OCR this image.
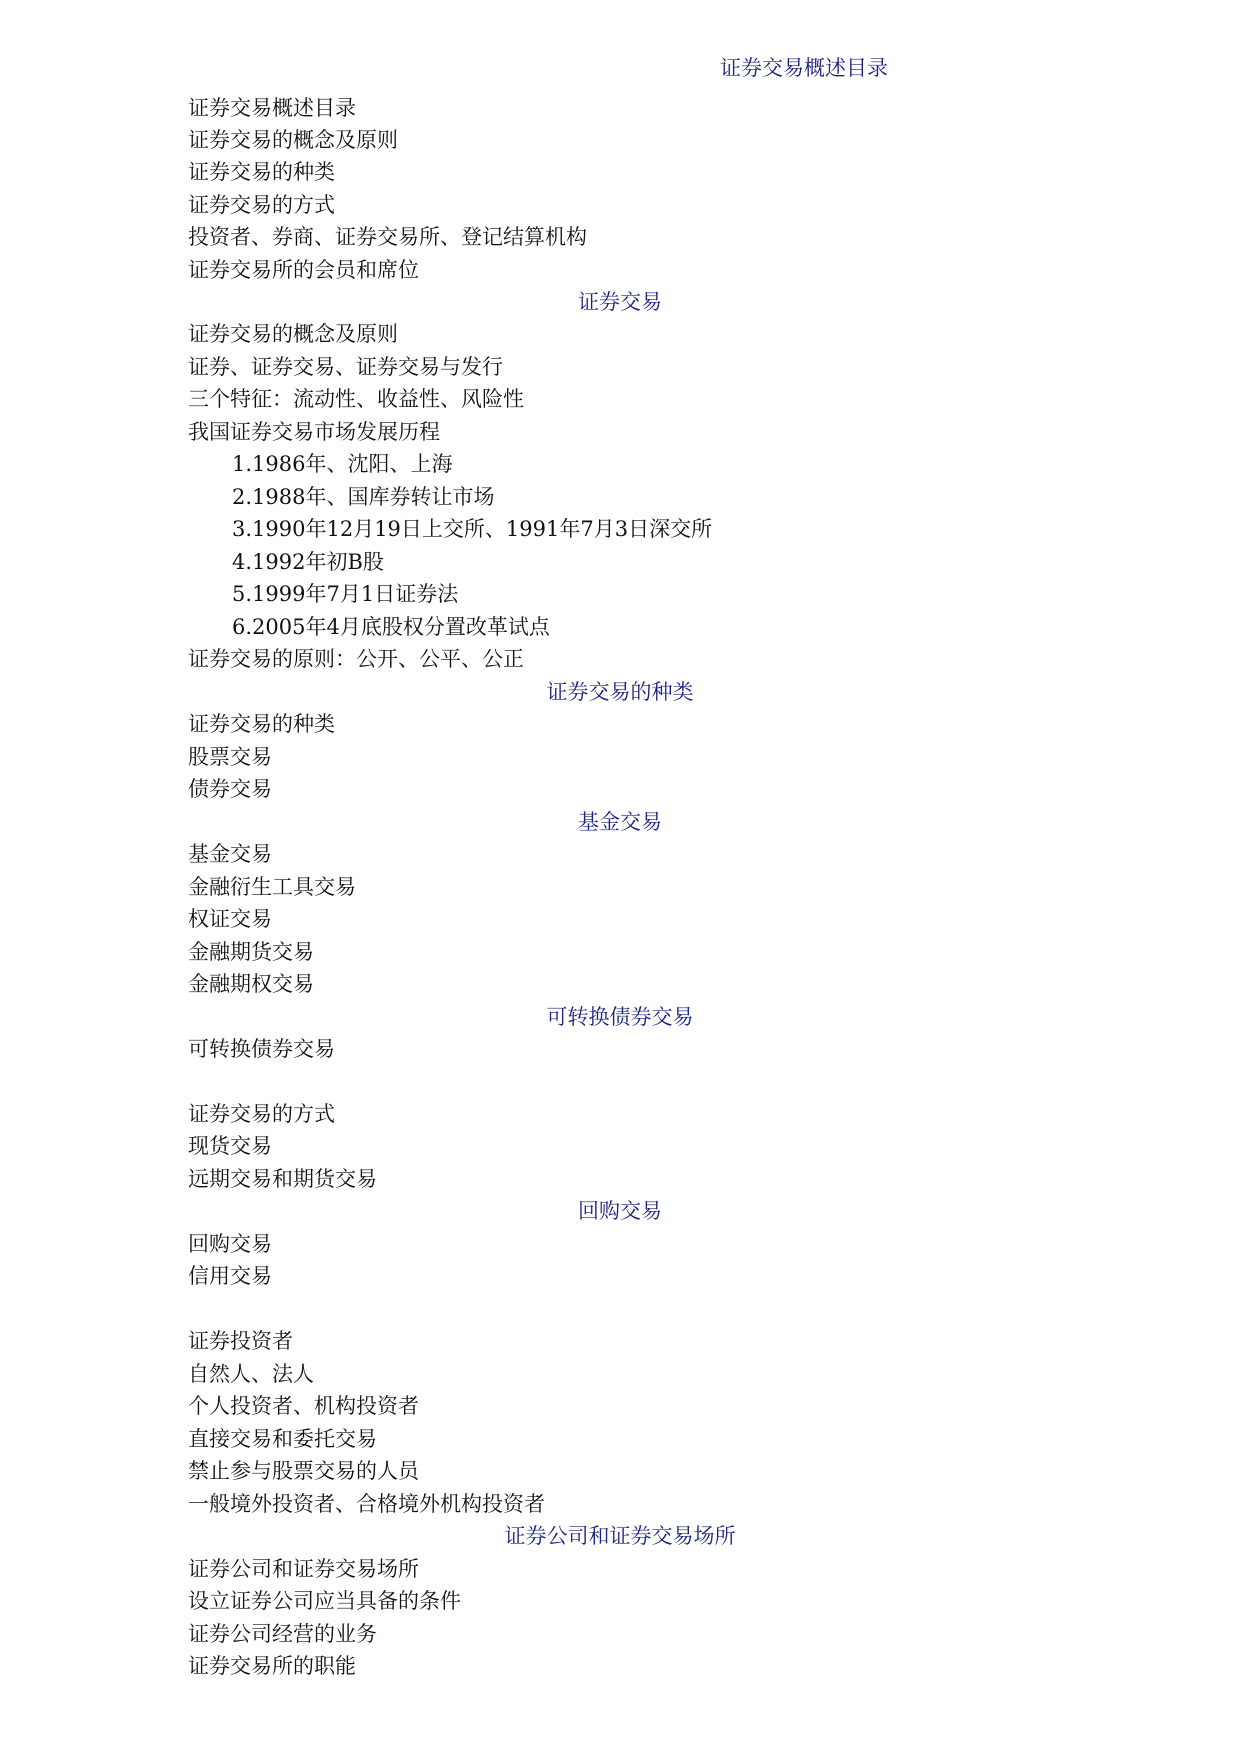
证券交易概述目录
证券交易概述目录
证券交易的概念及原则
证券交易的种类
证券交易的方式
投资者、券商、证券交易所、登记结算机构
证券交易所的会员和席位
证券交易
证券交易的概念及原则
证券、证券交易、证券交易与发行
三个特征：流动性、收益性、风险性
我国证券交易市场发展历程
1.1986年、沈阳、上海
2.1988年、国库券转让市场
3.1990年12月19日上交所、1991年7月3日深交所
4.1992年初B股
5.1999年7月1日证券法
6.2005年4月底股权分置改革试点
证券交易的原则：公开、公平、公正
证券交易的种类
证券交易的种类
股票交易
债券交易
基金交易
基金交易
金融衍生工具交易
权证交易
金融期货交易
金融期权交易
可转换债券交易
可转换债券交易
证券交易的方式
现货交易
远期交易和期货交易
回购交易
回购交易
信用交易
证券投资者
自然人、法人
个人投资者、机构投资者
直接交易和委托交易
禁止参与股票交易的人员
一般境外投资者、合格境外机构投资者
证券公司和证券交易场所
证券公司和证券交易场所
设立证券公司应当具备的条件
证券公司经营的业务
证券交易所的职能
